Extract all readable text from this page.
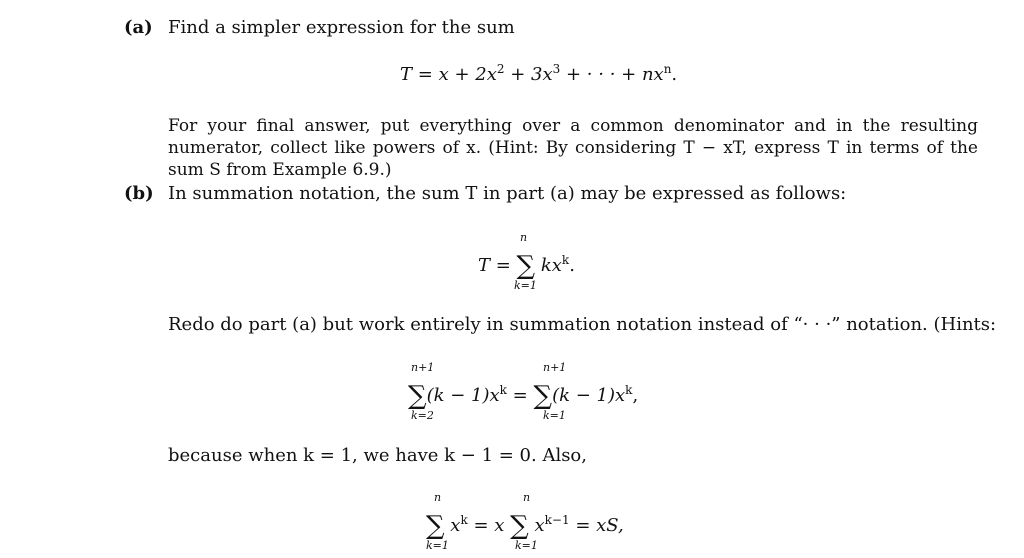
(a) Find a simpler expression for the sum
$T = x + 2x^2 + 3x^3$ + · · · + $nx^n$.
For your final answer, put everything over a common denominator and in the resulting numerator, collect like powers of x. (Hint: By considering T − xT, express T in terms of the sum S from Example 6.9.)
(b) In summation notation, the sum T in part (a) may be expressed as follows:
T = ∑ $kx^k$.
n
k=1
Redo do part (a) but work entirely in summation notation instead of “· · ·” notation. (Hints:
$\sum(k - 1)x^k = \sum(k - 1)x^k$,
n+1
k=2
n+1
k=1
because when k = 1, we have k − 1 = 0. Also,
∑ $x^k = x$ ∑ $x^{k-1}$ = xS,
n
k=1
n
k=1
